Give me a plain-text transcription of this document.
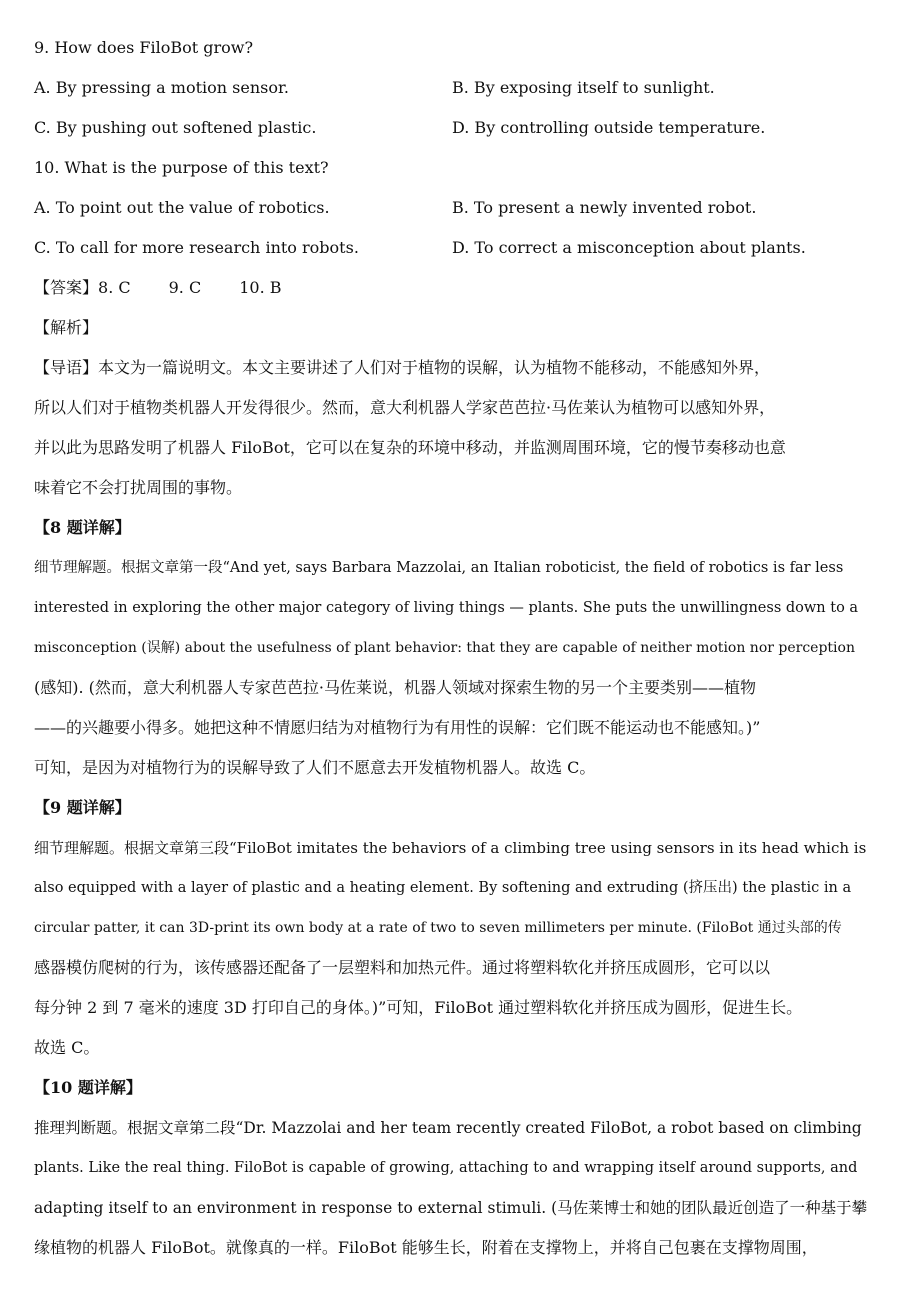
9. How does FiloBot grow?
A. By pressing a motion sensor.	B. By exposing itself to sunlight.
C. By pushing out softened plastic.	D. By controlling outside temperature.
10. What is the purpose of this text?
A. To point out the value of robotics.	B. To present a newly invented robot.
C. To call for more research into robots.	D. To correct a misconception about plants.
【答案】8. C 9. C 10. B
【解析】
【导语】本文为一篇说明文。本文主要讲述了人们对于植物的误解，认为植物不能移动，不能感知外界，
所以人们对于植物类机器人开发得很少。然而，意大利机器人学家芭芭拉·马佐莱认为植物可以感知外界，
并以此为思路发明了机器人 FiloBot，它可以在复杂的环境中移动，并监测周围环境，它的慢节奏移动也意
味着它不会打扰周围的事物。
【8 题详解】
细节理解题。根据文章第一段“And yet, says Barbara Mazzolai, an Italian roboticist, the field of robotics is far less
interested in exploring the other major category of living things — plants. She puts the unwillingness down to a
misconception (误解) about the usefulness of plant behavior: that they are capable of neither motion nor perception
(感知). (然而，意大利机器人专家芭芭拉·马佐莱说，机器人领域对探索生物的另一个主要类别——植物
——的兴趣要小得多。她把这种不情愿归结为对植物行为有用性的误解：它们既不能运动也不能感知。)”
可知，是因为对植物行为的误解导致了人们不愿意去开发植物机器人。故选 C。
【9 题详解】
细节理解题。根据文章第三段“FiloBot imitates the behaviors of a climbing tree using sensors in its head which is
also equipped with a layer of plastic and a heating element. By softening and extruding (挤压出) the plastic in a
circular patter, it can 3D-print its own body at a rate of two to seven millimeters per minute. (FiloBot 通过头部的传
感器模仿爬树的行为，该传感器还配备了一层塑料和加热元件。通过将塑料软化并挤压成圆形，它可以以
每分钟 2 到 7 毫米的速度 3D 打印自己的身体。)”可知，FiloBot 通过塑料软化并挤压成为圆形，促进生长。
故选 C。
【10 题详解】
推理判断题。根据文章第二段“Dr. Mazzolai and her team recently created FiloBot, a robot based on climbing
plants. Like the real thing. FiloBot is capable of growing, attaching to and wrapping itself around supports, and
adapting itself to an environment in response to external stimuli. (马佐莱博士和她的团队最近创造了一种基于攀
缘植物的机器人 FiloBot。就像真的一样。FiloBot 能够生长，附着在支撑物上，并将自己包裹在支撑物周围，
